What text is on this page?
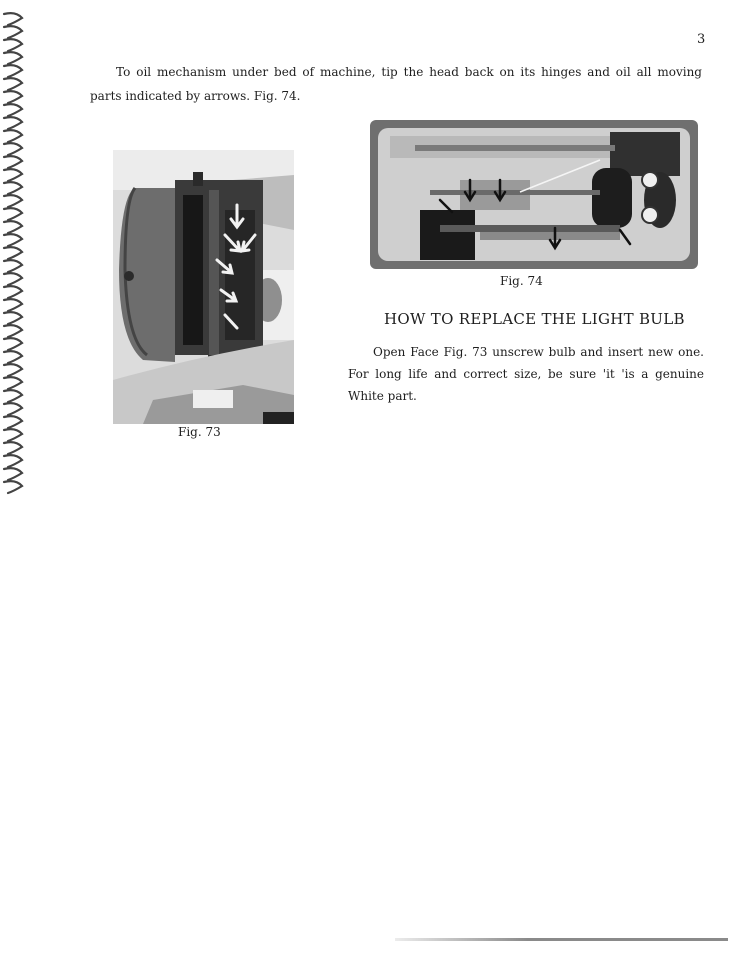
3

To oil mechanism under bed of machine, tip the head back on its hinges and oil all moving
parts indicated by arrows. Fig. 74.

Fig. 73
Fig. 74
HOW TO REPLACE THE LIGHT BULB

Open Face Fig. 73 unscrew bulb and insert new one.
For long life and correct size, be sure 'it 'is a genuine
White part.
